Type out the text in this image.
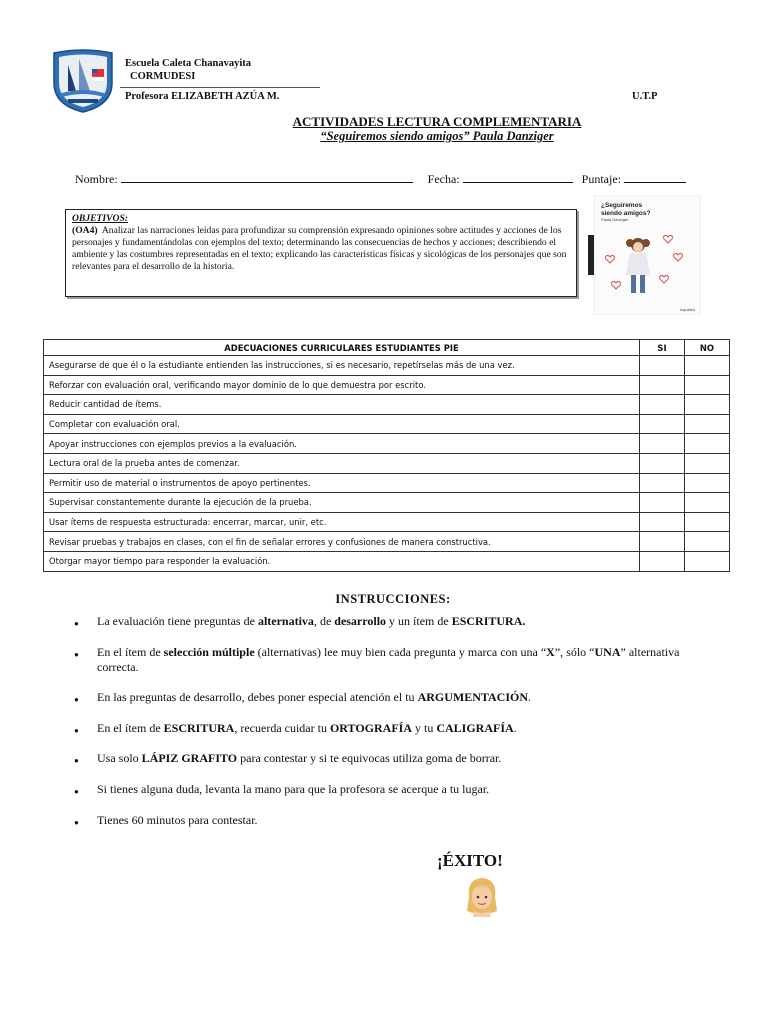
Escuela Caleta Chanavayita
CORMUDESI
Profesora ELIZABETH AZÚA M.	U.T.P
ACTIVIDADES LECTURA COMPLEMENTARIA
“Seguiremos siendo amigos” Paula Danziger
Nombre:	Fecha:	Puntaje:
OBJETIVOS:
(OA4) Analizar las narraciones leídas para profundizar su comprensión expresando opiniones sobre actitudes y acciones de los personajes y fundamentándolas con ejemplos del texto; determinando las consecuencias de hechos y acciones; describiendo el ambiente y las costumbres representadas en el texto; explicando las características físicas y sicológicas de los personajes que son relevantes para el desarrollo de la historia.
¿Seguiremos
siendo amigos?
Paula Danziger
loqueleo
ADECUACIONES CURRICULARES ESTUDIANTES PIE	SI	NO
Asegurarse de que él o la estudiante entienden las instrucciones, si es necesario, repetírselas más de una vez.		
Reforzar con evaluación oral, verificando mayor dominio de lo que demuestra por escrito.		
Reducir cantidad de ítems.		
Completar con evaluación oral.		
Apoyar instrucciones con ejemplos previos a la evaluación.		
Lectura oral de la prueba antes de comenzar.		
Permitir uso de material o instrumentos de apoyo pertinentes.		
Supervisar constantemente durante la ejecución de la prueba.		
Usar ítems de respuesta estructurada: encerrar, marcar, unir, etc.		
Revisar pruebas y trabajos en clases, con el fin de señalar errores y confusiones de manera constructiva.		
Otorgar mayor tiempo para responder la evaluación.		
INSTRUCCIONES:
● La evaluación tiene preguntas de alternativa, de desarrollo y un ítem de ESCRITURA.
● En el ítem de selección múltiple (alternativas) lee muy bien cada pregunta y marca con una “X”, sólo “UNA” alternativa correcta.
● En las preguntas de desarrollo, debes poner especial atención el tu ARGUMENTACIÓN.
● En el ítem de ESCRITURA, recuerda cuidar tu ORTOGRAFÍA y tu CALIGRAFÍA.
● Usa solo LÁPIZ GRAFITO para contestar y si te equivocas utiliza goma de borrar.
● Si tienes alguna duda, levanta la mano para que la profesora se acerque a tu lugar.
● Tienes 60 minutos para contestar.
¡ÉXITO!
